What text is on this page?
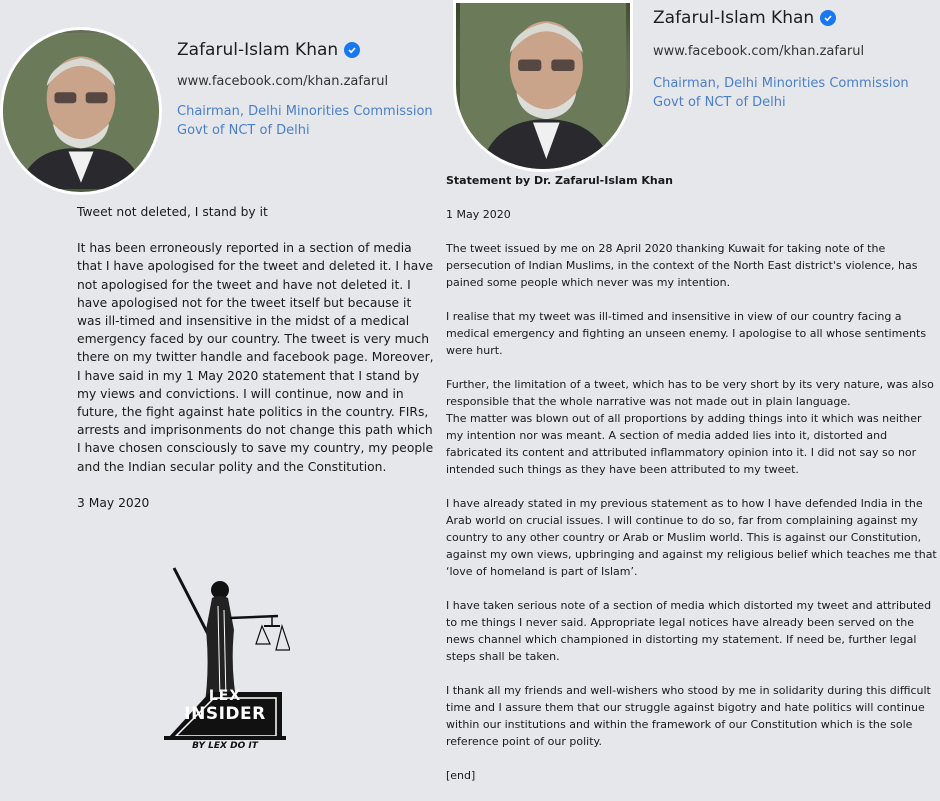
Zafarul-Islam Khan
www.facebook.com/khan.zafarul
Chairman, Delhi Minorities Commission
Govt of NCT of Delhi

Tweet not deleted, I stand by it

It has been erroneously reported in a section of media that I have apologised for the tweet and deleted it. I have not apologised for the tweet and have not deleted it. I have apologised not for the tweet itself but because it was ill-timed and insensitive in the midst of a medical emergency faced by our country. The tweet is very much there on my twitter handle and facebook page. Moreover, I have said in my 1 May 2020 statement that I stand by my views and convictions. I will continue, now and in future, the fight against hate politics in the country. FIRs, arrests and imprisonments do not change this path which I have chosen consciously to save my country, my people and the Indian secular polity and the Constitution.

3 May 2020

LEX
INSIDER
BY LEX DO IT
Zafarul-Islam Khan
www.facebook.com/khan.zafarul
Chairman, Delhi Minorities Commission
Govt of NCT of Delhi

Statement by Dr. Zafarul-Islam Khan

1 May 2020

The tweet issued by me on 28 April 2020 thanking Kuwait for taking note of the persecution of Indian Muslims, in the context of the North East district's violence, has pained some people which never was my intention.

I realise that my tweet was ill-timed and insensitive in view of our country facing a medical emergency and fighting an unseen enemy. I apologise to all whose sentiments were hurt.

Further, the limitation of a tweet, which has to be very short by its very nature, was also responsible that the whole narrative was not made out in plain language.
The matter was blown out of all proportions by adding things into it which was neither my intention nor was meant. A section of media added lies into it, distorted and fabricated its content and attributed inflammatory opinion into it. I did not say so nor intended such things as they have been attributed to my tweet.

I have already stated in my previous statement as to how I have defended India in the Arab world on crucial issues. I will continue to do so, far from complaining against my country to any other country or Arab or Muslim world. This is against our Constitution, against my own views, upbringing and against my religious belief which teaches me that ‘love of homeland is part of Islam’.

I have taken serious note of a section of media which distorted my tweet and attributed to me things I never said. Appropriate legal notices have already been served on the news channel which championed in distorting my statement. If need be, further legal steps shall be taken.

I thank all my friends and well-wishers who stood by me in solidarity during this difficult time and I assure them that our struggle against bigotry and hate politics will continue within our institutions and within the framework of our Constitution which is the sole reference point of our polity.

[end]
